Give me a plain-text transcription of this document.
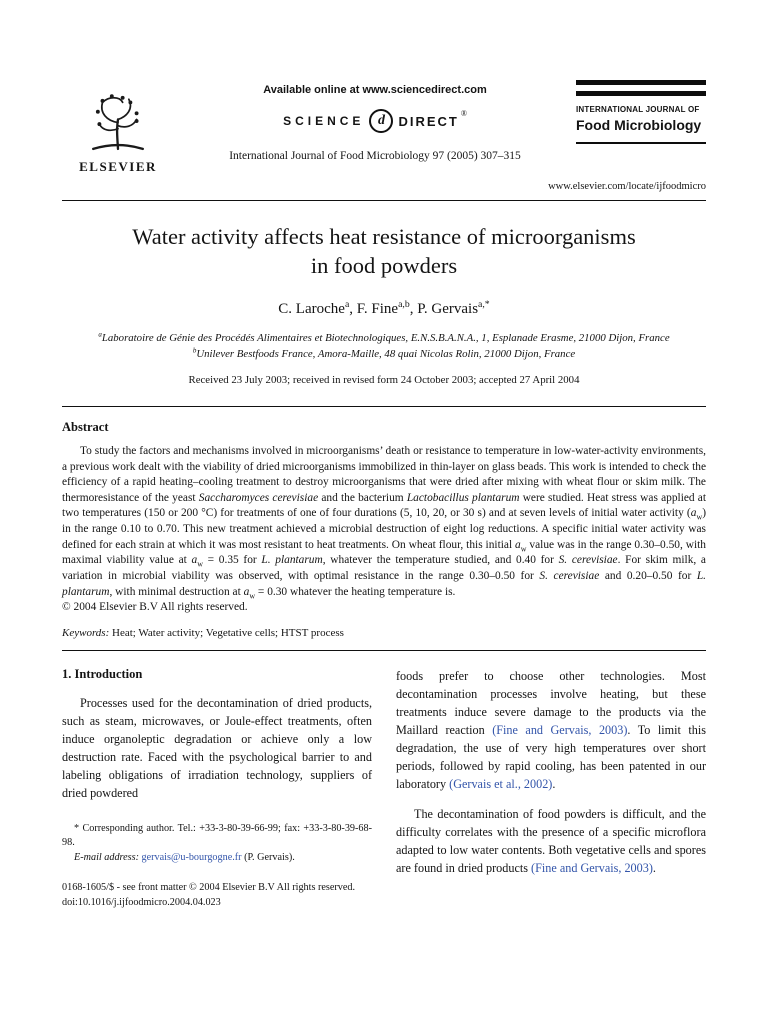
ELSEVIER
Available online at www.sciencedirect.com
SCIENCE d DIRECT ®
International Journal of Food Microbiology 97 (2005) 307–315
INTERNATIONAL JOURNAL OF
Food Microbiology
www.elsevier.com/locate/ijfoodmicro
Water activity affects heat resistance of microorganisms
in food powders
C. Laroche$^a$, F. Fine$^{a,b}$, P. Gervais$^{a,*}$
$^a$Laboratoire de Génie des Procédés Alimentaires et Biotechnologiques, E.N.S.B.A.N.A., 1, Esplanade Erasme, 21000 Dijon, France
$^b$Unilever Bestfoods France, Amora-Maille, 48 quai Nicolas Rolin, 21000 Dijon, France
Received 23 July 2003; received in revised form 24 October 2003; accepted 27 April 2004
Abstract

To study the factors and mechanisms involved in microorganisms’ death or resistance to temperature in low-water-activity environments, a previous work dealt with the viability of dried microorganisms immobilized in thin-layer on glass beads. This work is intended to check the efficiency of a rapid heating–cooling treatment to destroy microorganisms that were dried after mixing with wheat flour or skim milk. The thermoresistance of the yeast Saccharomyces cerevisiae and the bacterium Lactobacillus plantarum were studied. Heat stress was applied at two temperatures (150 or 200 °C) for treatments of one of four durations (5, 10, 20, or 30 s) and at seven levels of initial water activity $(a_w)$ in the range 0.10 to 0.70. This new treatment achieved a microbial destruction of eight log reductions. A specific initial water activity was defined for each strain at which it was most resistant to heat treatments. On wheat flour, this initial $a_w$ value was in the range 0.30–0.50, with maximal viability value at $a_w = 0.35$ for L. plantarum, whatever the temperature studied, and 0.40 for S. cerevisiae. For skim milk, a variation in microbial viability was observed, with optimal resistance in the range 0.30–0.50 for S. cerevisiae and 0.20–0.50 for L. plantarum, with minimal destruction at $a_w = 0.30$ whatever the heating temperature is.

© 2004 Elsevier B.V All rights reserved.
Keywords: Heat; Water activity; Vegetative cells; HTST process
1. Introduction

Processes used for the decontamination of dried products, such as steam, microwaves, or Joule-effect treatments, often induce organoleptic degradation or achieve only a low destruction rate. Faced with the psychological barrier to and labeling obligations of irradiation technology, suppliers of dried powdered

* Corresponding author. Tel.: +33-3-80-39-66-99; fax: +33-3-80-39-68-98.

E-mail address: gervais@u-bourgogne.fr (P. Gervais).

0168-1605/$ - see front matter © 2004 Elsevier B.V All rights reserved.
doi:10.1016/j.ijfoodmicro.2004.04.023

foods prefer to choose other technologies. Most decontamination processes involve heating, but these treatments induce severe damage to the products via the Maillard reaction (Fine and Gervais, 2003). To limit this degradation, the use of very high temperatures over short periods, followed by rapid cooling, has been patented in our laboratory (Gervais et al., 2002).

The decontamination of food powders is difficult, and the difficulty correlates with the presence of a specific microflora adapted to low water contents. Both vegetative cells and spores are found in dried products (Fine and Gervais, 2003).
